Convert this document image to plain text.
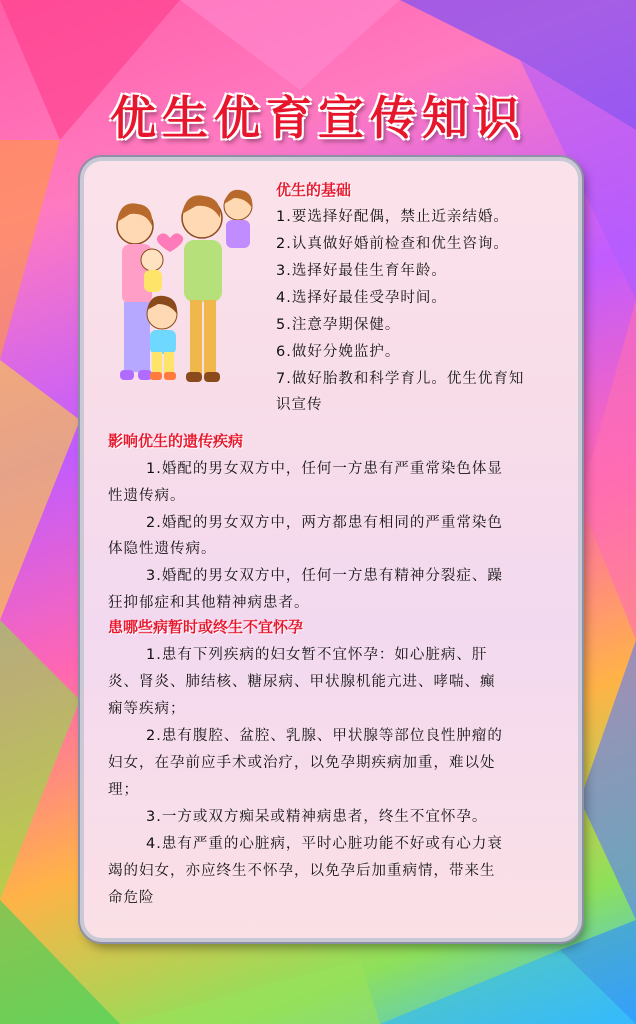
优生优育宣传知识
优生的基础
1.要选择好配偶，禁止近亲结婚。
2.认真做好婚前检查和优生咨询。
3.选择好最佳生育年龄。
4.选择好最佳受孕时间。
5.注意孕期保健。
6.做好分娩监护。
7.做好胎教和科学育儿。优生优育知
识宣传
影响优生的遗传疾病
1.婚配的男女双方中，任何一方患有严重常染色体显
性遗传病。
2.婚配的男女双方中，两方都患有相同的严重常染色
体隐性遗传病。
3.婚配的男女双方中，任何一方患有精神分裂症、躁
狂抑郁症和其他精神病患者。
患哪些病暂时或终生不宜怀孕
1.患有下列疾病的妇女暂不宜怀孕：如心脏病、肝
炎、肾炎、肺结核、糖尿病、甲状腺机能亢进、哮喘、癫
痫等疾病；
2.患有腹腔、盆腔、乳腺、甲状腺等部位良性肿瘤的
妇女，在孕前应手术或治疗，以免孕期疾病加重，难以处
理；
3.一方或双方痴呆或精神病患者，终生不宜怀孕。
4.患有严重的心脏病，平时心脏功能不好或有心力衰
竭的妇女，亦应终生不怀孕，以免孕后加重病情，带来生
命危险
